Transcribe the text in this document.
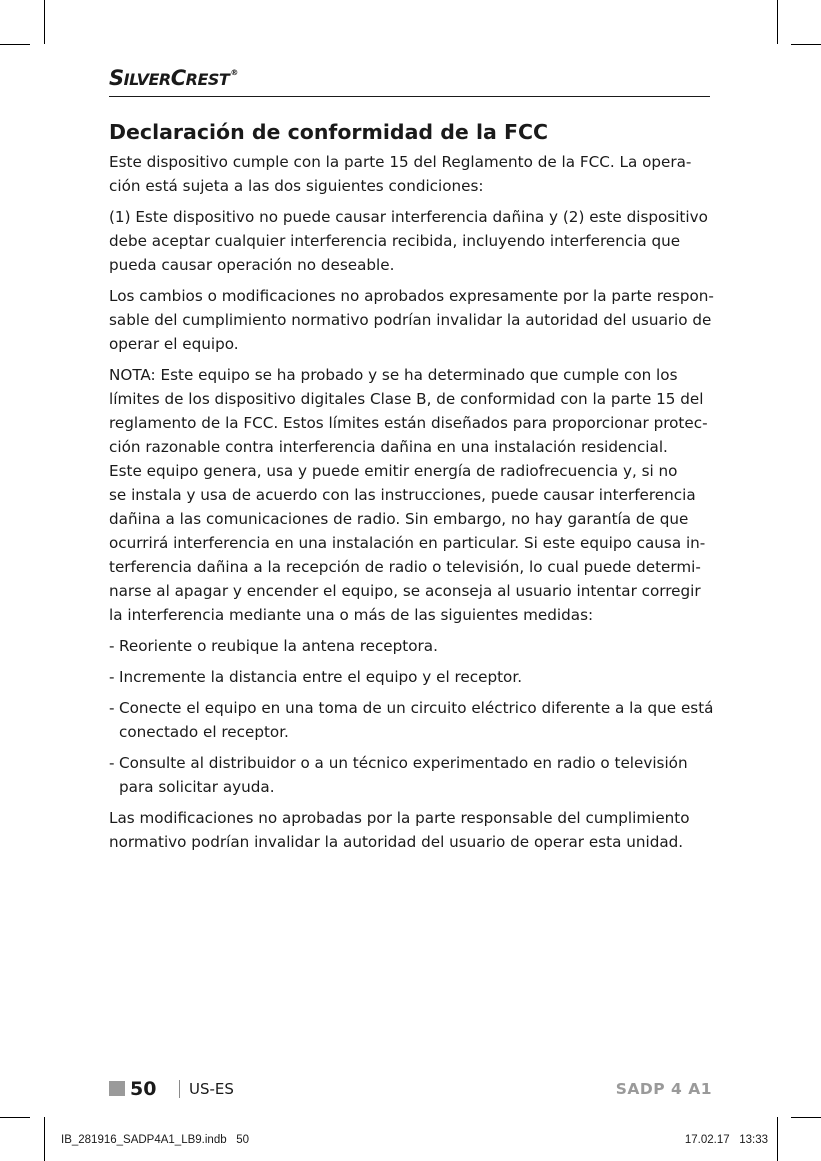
SILVERCREST®
Declaración de conformidad de la FCC

Este dispositivo cumple con la parte 15 del Reglamento de la FCC. La opera-
ción está sujeta a las dos siguientes condiciones:

(1) Este dispositivo no puede causar interferencia dañina y (2) este dispositivo
debe aceptar cualquier interferencia recibida, incluyendo interferencia que
pueda causar operación no deseable.

Los cambios o modificaciones no aprobados expresamente por la parte respon-
sable del cumplimiento normativo podrían invalidar la autoridad del usuario de
operar el equipo.

NOTA: Este equipo se ha probado y se ha determinado que cumple con los
límites de los dispositivo digitales Clase B, de conformidad con la parte 15 del
reglamento de la FCC. Estos límites están diseñados para proporcionar protec-
ción razonable contra interferencia dañina en una instalación residencial.
Este equipo genera, usa y puede emitir energía de radiofrecuencia y, si no
se instala y usa de acuerdo con las instrucciones, puede causar interferencia
dañina a las comunicaciones de radio. Sin embargo, no hay garantía de que
ocurrirá interferencia en una instalación en particular. Si este equipo causa in-
terferencia dañina a la recepción de radio o televisión, lo cual puede determi-
narse al apagar y encender el equipo, se aconseja al usuario intentar corregir
la interferencia mediante una o más de las siguientes medidas:

- Reoriente o reubique la antena receptora.
- Incremente la distancia entre el equipo y el receptor.
- Conecte el equipo en una toma de un circuito eléctrico diferente a la que está
conectado el receptor.
- Consulte al distribuidor o a un técnico experimentado en radio o televisión
para solicitar ayuda.

Las modificaciones no aprobadas por la parte responsable del cumplimiento
normativo podrían invalidar la autoridad del usuario de operar esta unidad.

50 US-ES	SADP 4 A1
IB_281916_SADP4A1_LB9.indb   50	17.02.17   13:33
